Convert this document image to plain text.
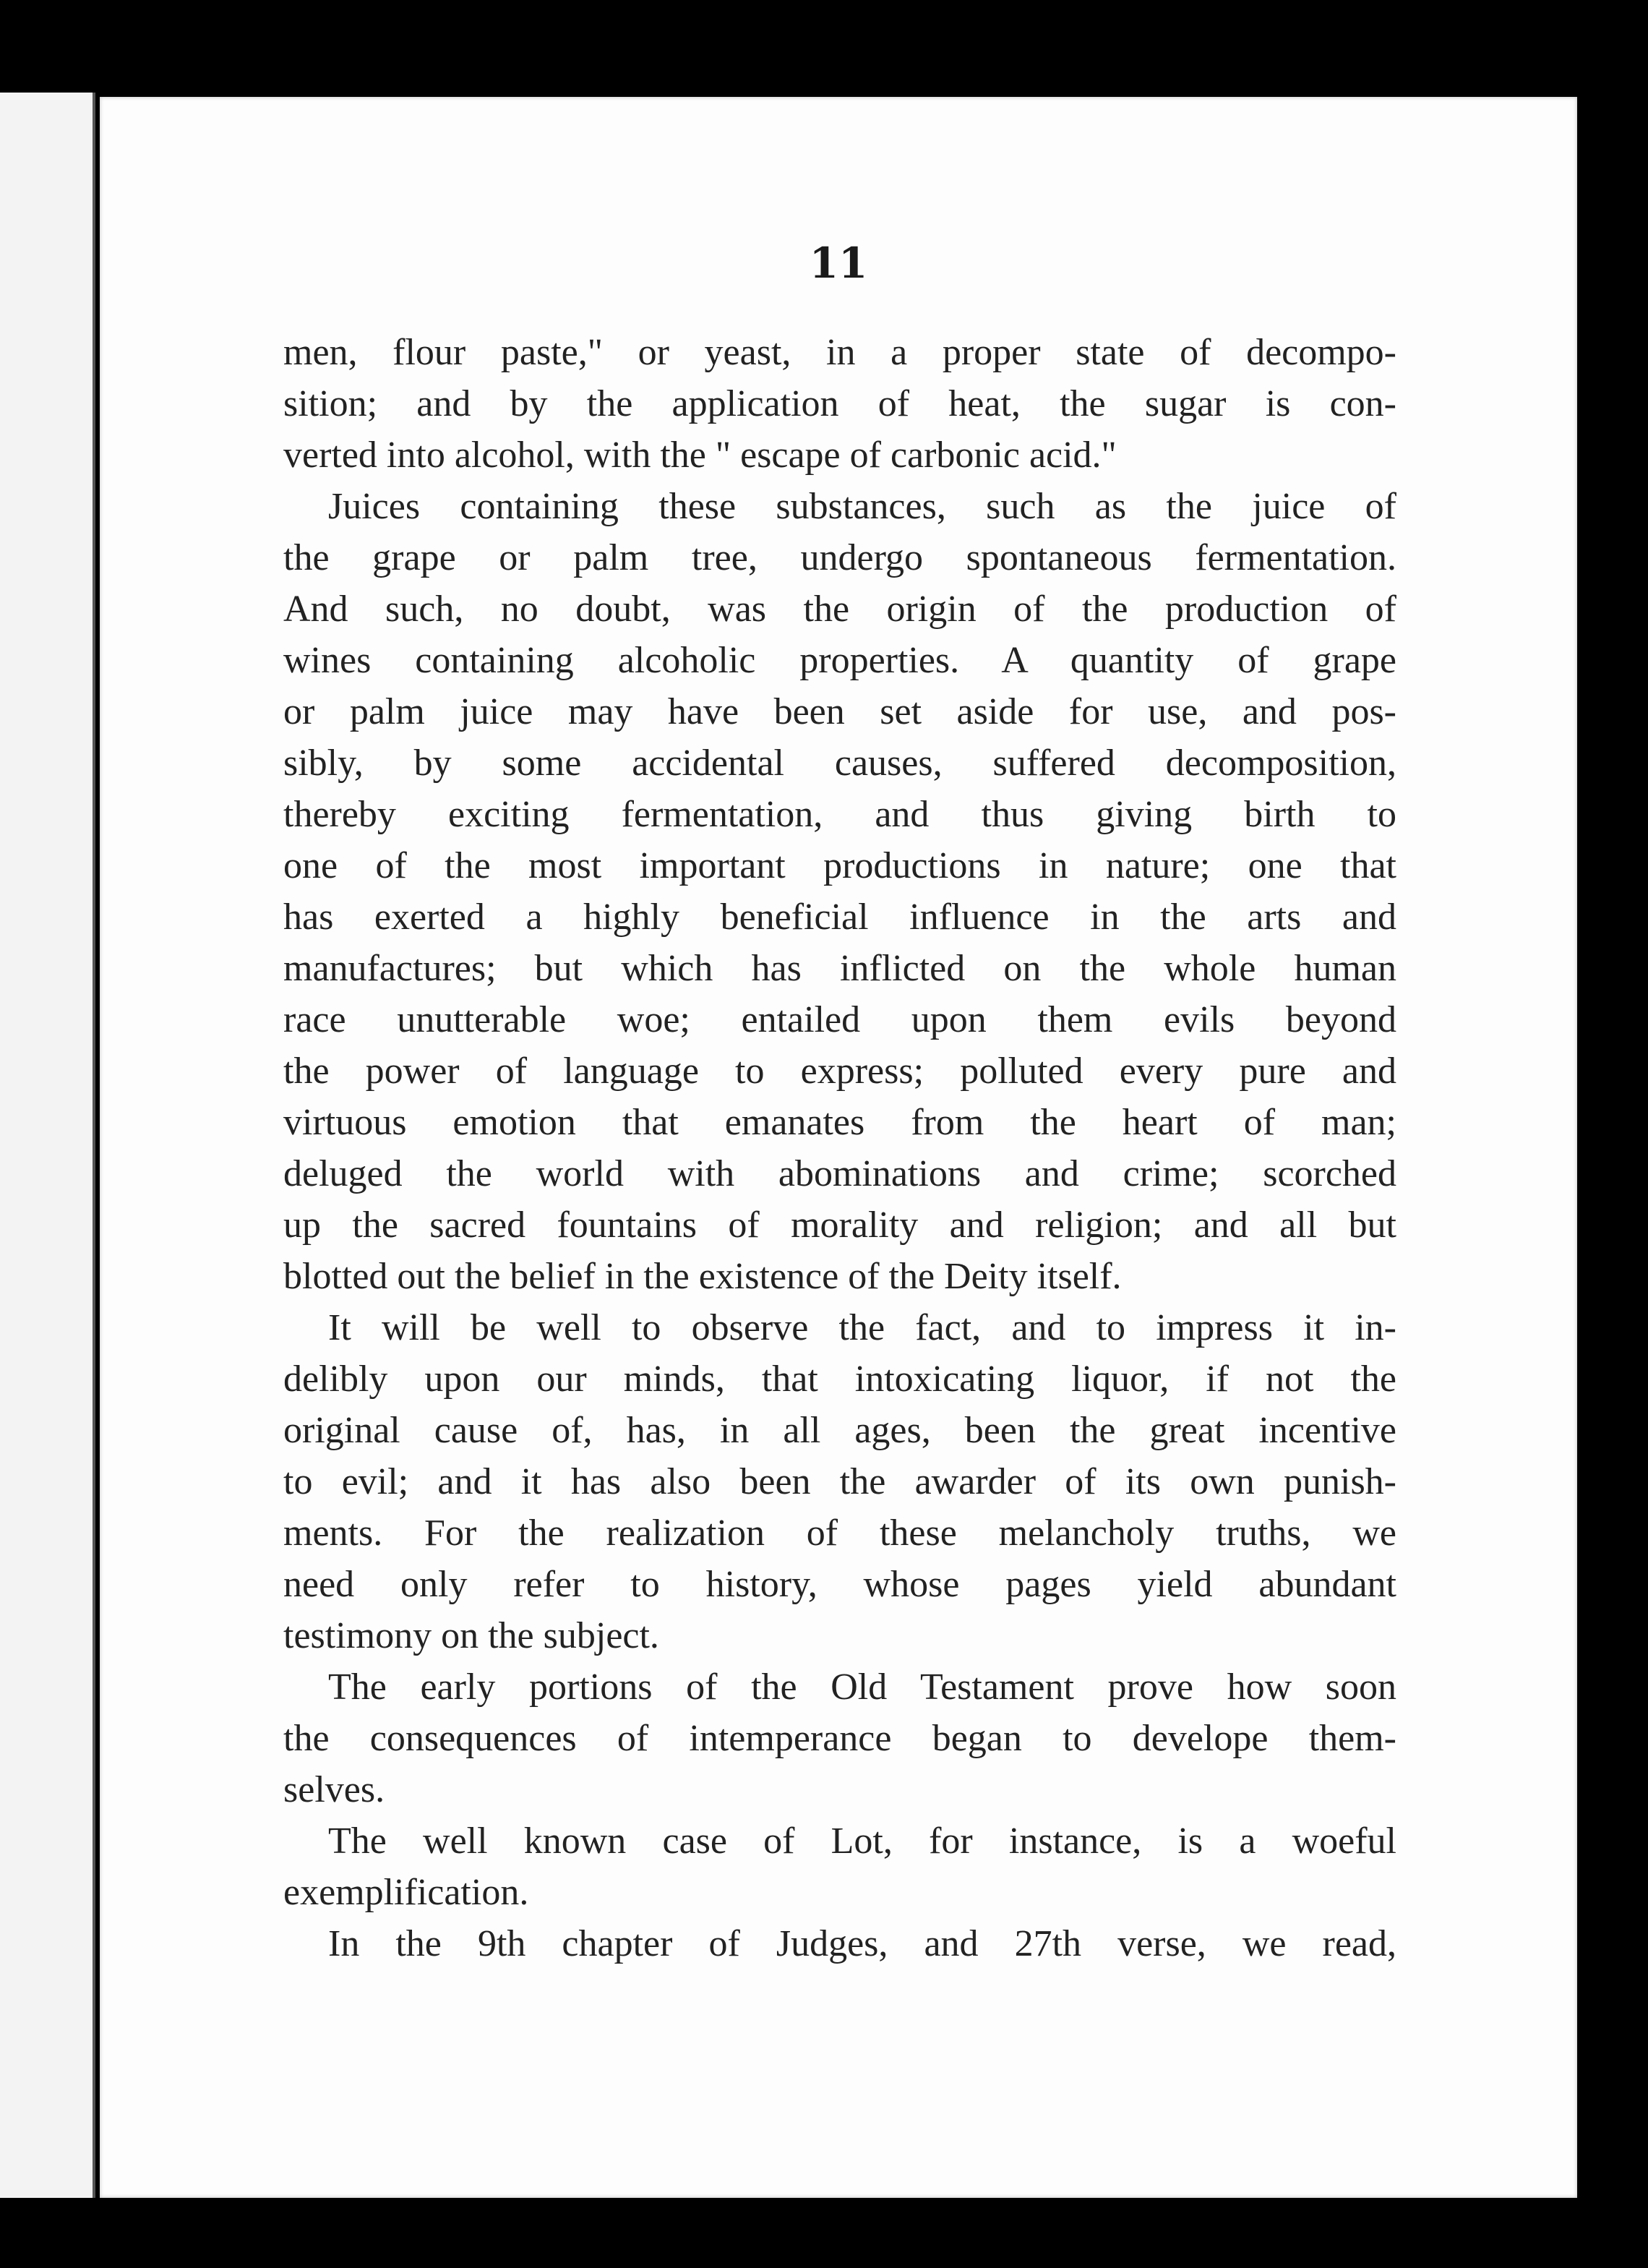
11
men, flour paste," or yeast, in a proper state of decompo-
sition; and by the application of heat, the sugar is con-
verted into alcohol, with the " escape of carbonic acid."
Juices containing these substances, such as the juice of
the grape or palm tree, undergo spontaneous fermentation.
And such, no doubt, was the origin of the production of
wines containing alcoholic properties. A quantity of grape
or palm juice may have been set aside for use, and pos-
sibly, by some accidental causes, suffered decomposition,
thereby exciting fermentation, and thus giving birth to
one of the most important productions in nature; one that
has exerted a highly beneficial influence in the arts and
manufactures; but which has inflicted on the whole human
race unutterable woe; entailed upon them evils beyond
the power of language to express; polluted every pure and
virtuous emotion that emanates from the heart of man;
deluged the world with abominations and crime; scorched
up the sacred fountains of morality and religion; and all but
blotted out the belief in the existence of the Deity itself.
It will be well to observe the fact, and to impress it in-
delibly upon our minds, that intoxicating liquor, if not the
original cause of, has, in all ages, been the great incentive
to evil; and it has also been the awarder of its own punish-
ments. For the realization of these melancholy truths, we
need only refer to history, whose pages yield abundant
testimony on the subject.
The early portions of the Old Testament prove how soon
the consequences of intemperance began to develope them-
selves.
The well known case of Lot, for instance, is a woeful
exemplification.
In the 9th chapter of Judges, and 27th verse, we read,
